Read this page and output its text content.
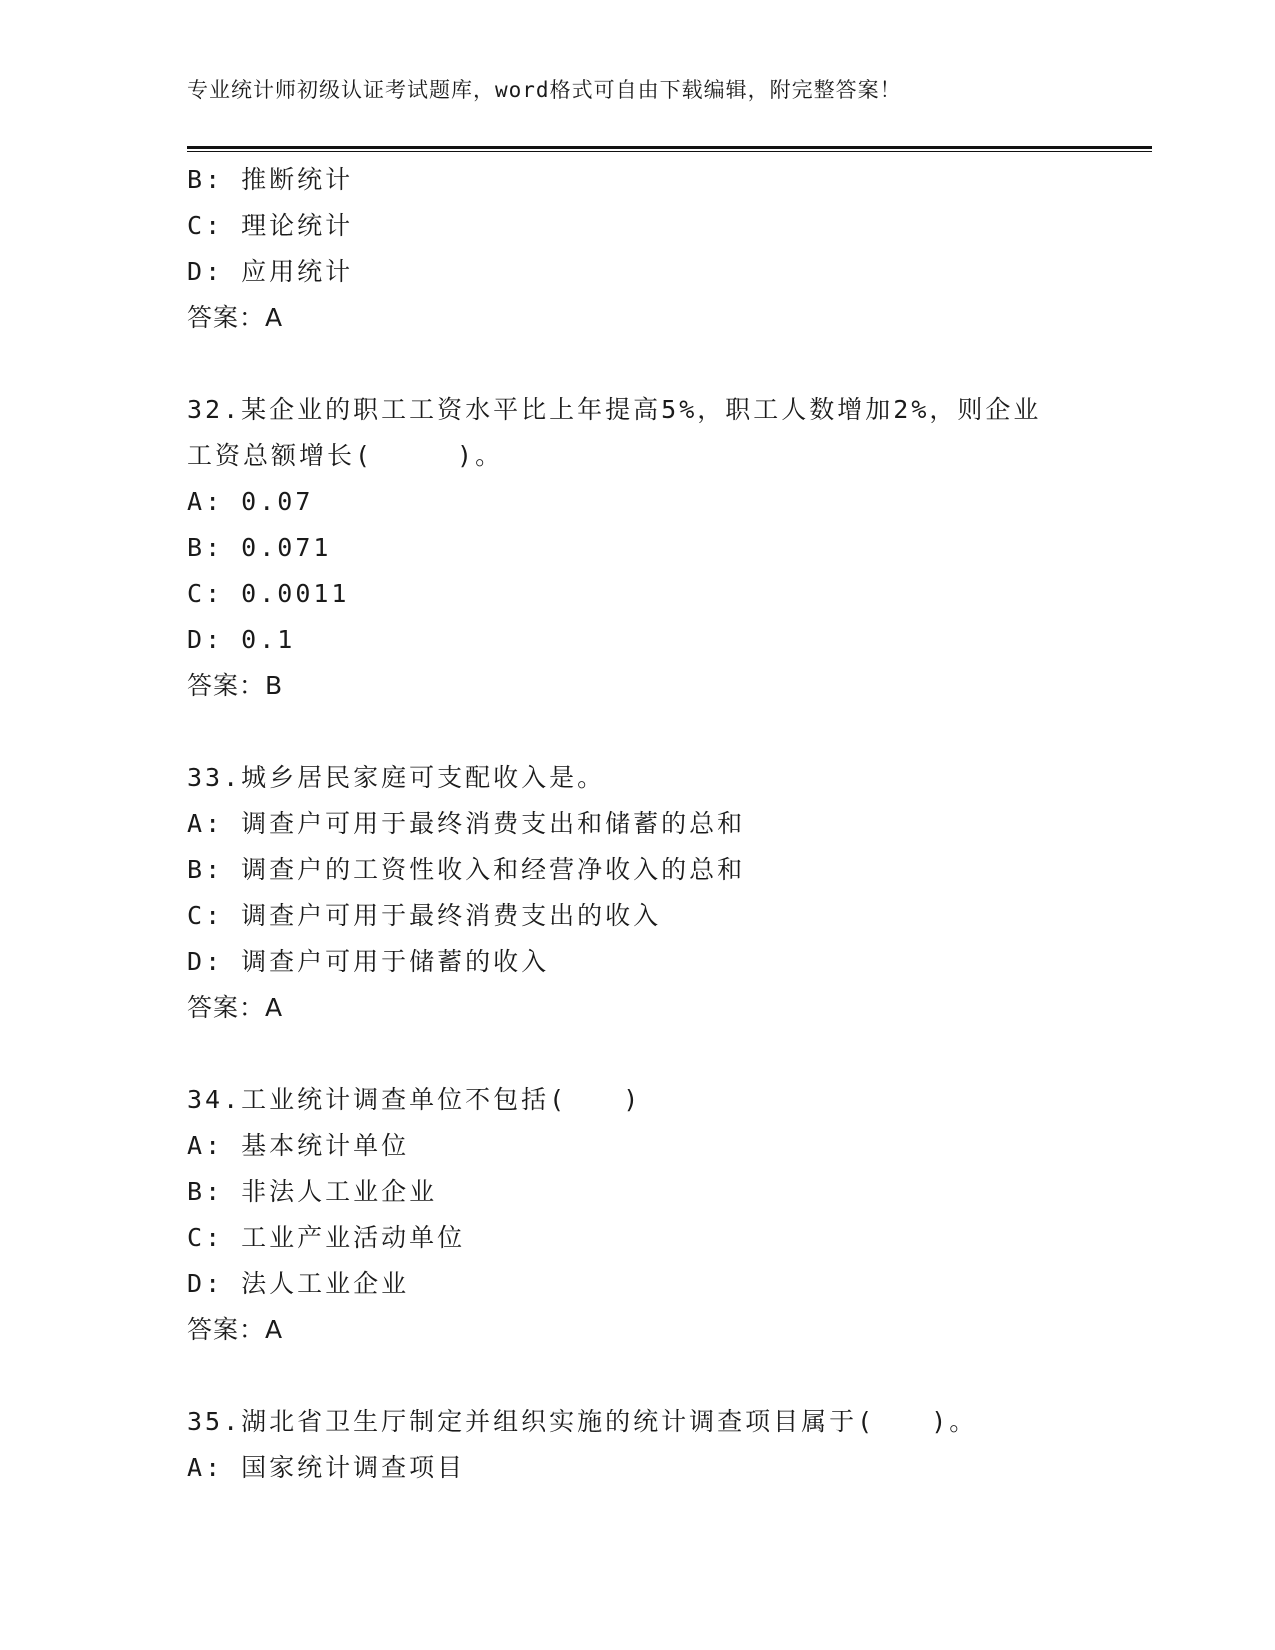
专业统计师初级认证考试题库，word格式可自由下载编辑，附完整答案！
B: 推断统计
C: 理论统计
D: 应用统计
答案：A
32.某企业的职工工资水平比上年提高5%，职工人数增加2%，则企业
工资总额增长(　　　)。
A: 0.07
B: 0.071
C: 0.0011
D: 0.1
答案：B
33.城乡居民家庭可支配收入是。
A: 调查户可用于最终消费支出和储蓄的总和
B: 调查户的工资性收入和经营净收入的总和
C: 调查户可用于最终消费支出的收入
D: 调查户可用于储蓄的收入
答案：A
34.工业统计调查单位不包括(　　)
A: 基本统计单位
B: 非法人工业企业
C: 工业产业活动单位
D: 法人工业企业
答案：A
35.湖北省卫生厅制定并组织实施的统计调查项目属于(　　)。
A: 国家统计调查项目
